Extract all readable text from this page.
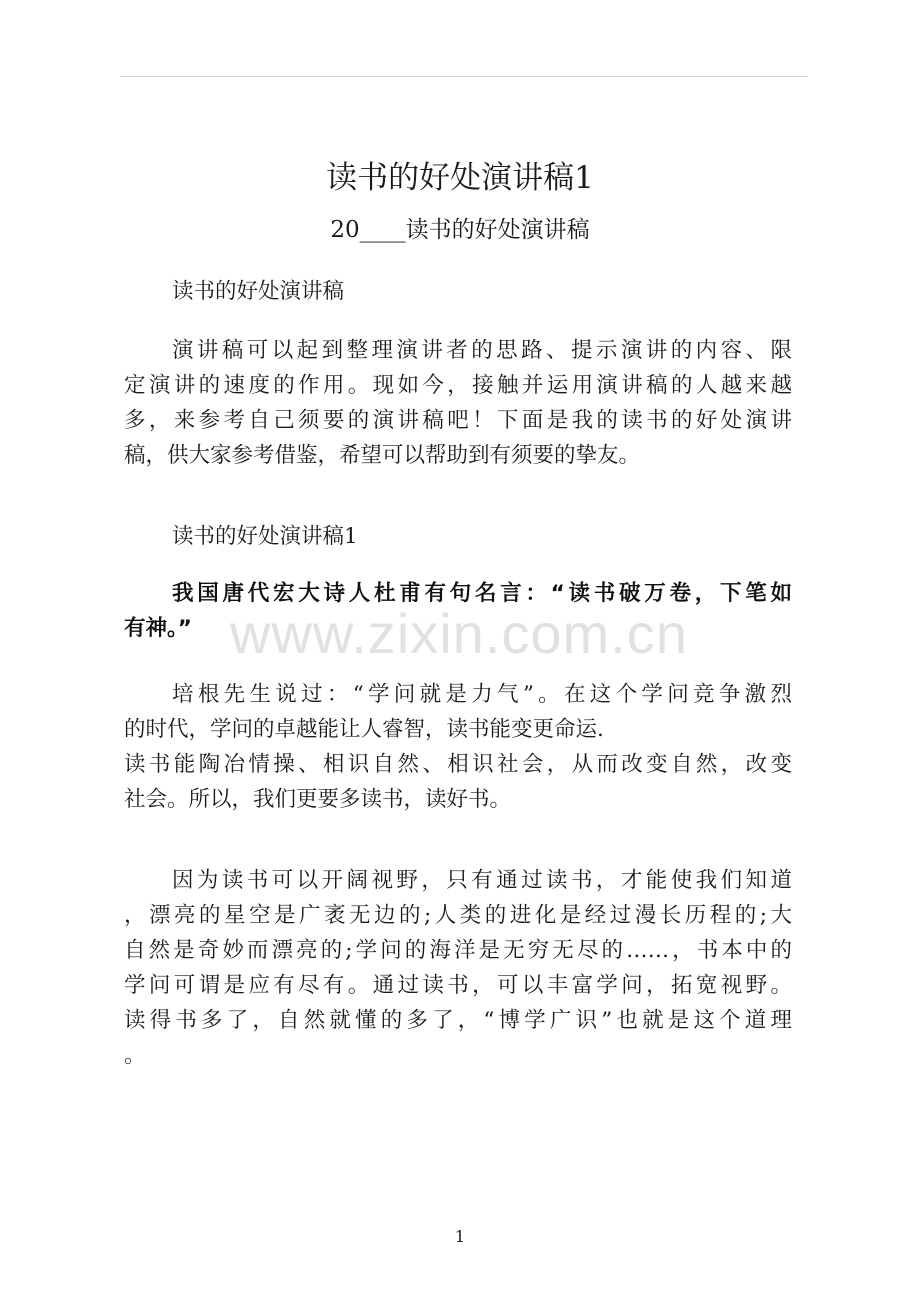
读书的好处演讲稿1
20____读书的好处演讲稿
读书的好处演讲稿
演讲稿可以起到整理演讲者的思路、提示演讲的内容、限
定演讲的速度的作用。现如今，接触并运用演讲稿的人越来越
多，来参考自己须要的演讲稿吧！下面是我的读书的好处演讲
稿，供大家参考借鉴，希望可以帮助到有须要的挚友。
读书的好处演讲稿1
www.zixin.com.cn
我国唐代宏大诗人杜甫有句名言：“读书破万卷，下笔如
有神。”
培根先生说过：“学问就是力气”。在这个学问竞争激烈
的时代，学问的卓越能让人睿智，读书能变更命运.
读书能陶冶情操、相识自然、相识社会，从而改变自然，改变
社会。所以，我们更要多读书，读好书。
因为读书可以开阔视野，只有通过读书，才能使我们知道
，漂亮的星空是广袤无边的;人类的进化是经过漫长历程的;大
自然是奇妙而漂亮的;学问的海洋是无穷无尽的……，书本中的
学问可谓是应有尽有。通过读书，可以丰富学问，拓宽视野。
读得书多了，自然就懂的多了，“博学广识”也就是这个道理
。
1
